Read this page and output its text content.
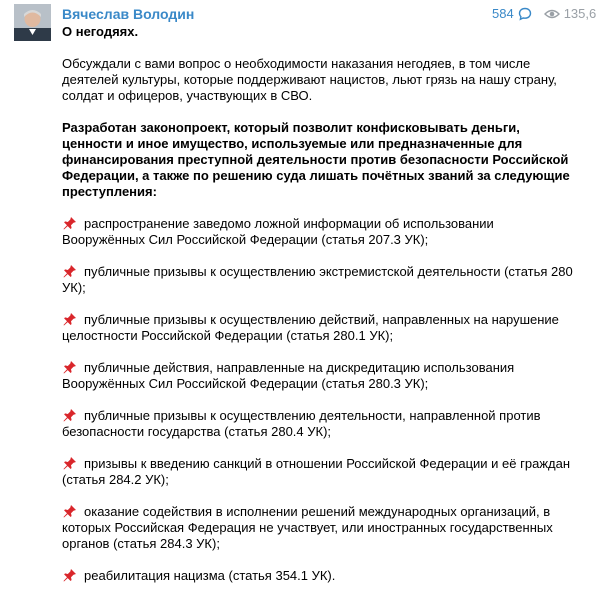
Вячеслав Володин	584	135,6

О негодяях.

Обсуждали с вами вопрос о необходимости наказания негодяев, в том числе деятелей культуры, которые поддерживают нацистов, льют грязь на нашу страну, солдат и офицеров, участвующих в СВО.

Разработан законопроект, который позволит конфисковывать деньги, ценности и иное имущество, используемые или предназначенные для финансирования преступной деятельности против безопасности Российской Федерации, а также по решению суда лишать почётных званий за следующие преступления:

распространение заведомо ложной информации об использовании Вооружённых Сил Российской Федерации (статья 207.3 УК);
публичные призывы к осуществлению экстремистской деятельности (статья 280 УК);
публичные призывы к осуществлению действий, направленных на нарушение целостности Российской Федерации (статья 280.1 УК);
публичные действия, направленные на дискредитацию использования Вооружённых Сил Российской Федерации (статья 280.3 УК);
публичные призывы к осуществлению деятельности, направленной против безопасности государства (статья 280.4 УК);
призывы к введению санкций в отношении Российской Федерации и её граждан (статья 284.2 УК);
оказание содействия в исполнении решений международных организаций, в которых Российская Федерация не участвует, или иностранных государственных органов (статья 284.3 УК);
реабилитация нацизма (статья 354.1 УК).
